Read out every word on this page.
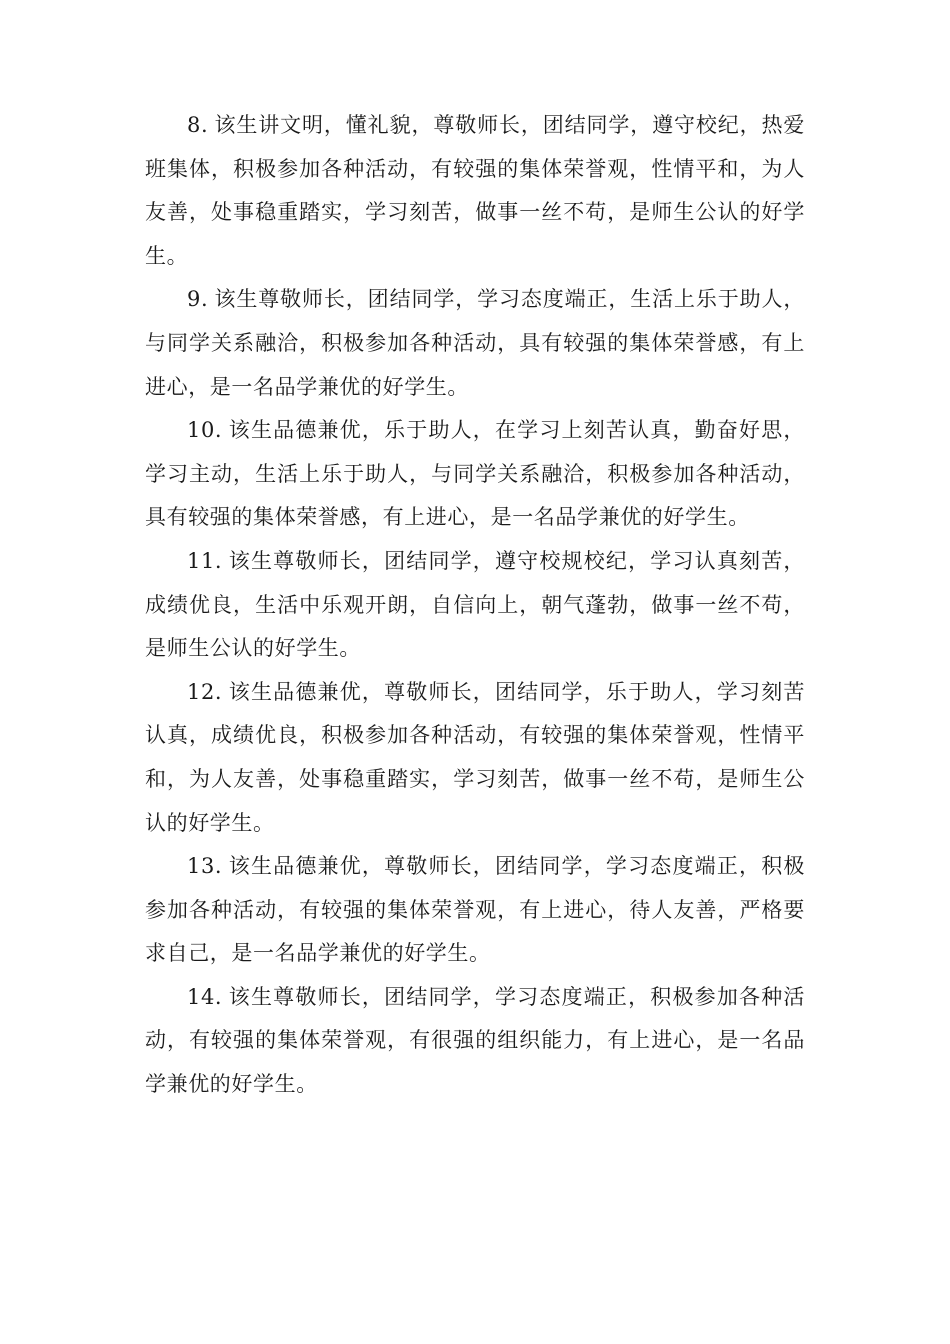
8. 该生讲文明，懂礼貌，尊敬师长，团结同学，遵守校纪，热爱班集体，积极参加各种活动，有较强的集体荣誉观，性情平和，为人友善，处事稳重踏实，学习刻苦，做事一丝不苟，是师生公认的好学生。

9. 该生尊敬师长，团结同学，学习态度端正，生活上乐于助人，与同学关系融洽，积极参加各种活动，具有较强的集体荣誉感，有上进心，是一名品学兼优的好学生。

10. 该生品德兼优，乐于助人，在学习上刻苦认真，勤奋好思，学习主动，生活上乐于助人，与同学关系融洽，积极参加各种活动，具有较强的集体荣誉感，有上进心，是一名品学兼优的好学生。

11. 该生尊敬师长，团结同学，遵守校规校纪，学习认真刻苦，成绩优良，生活中乐观开朗，自信向上，朝气蓬勃，做事一丝不苟，是师生公认的好学生。

12. 该生品德兼优，尊敬师长，团结同学，乐于助人，学习刻苦认真，成绩优良，积极参加各种活动，有较强的集体荣誉观，性情平和，为人友善，处事稳重踏实，学习刻苦，做事一丝不苟，是师生公认的好学生。

13. 该生品德兼优，尊敬师长，团结同学，学习态度端正，积极参加各种活动，有较强的集体荣誉观，有上进心，待人友善，严格要求自己，是一名品学兼优的好学生。

14. 该生尊敬师长，团结同学，学习态度端正，积极参加各种活动，有较强的集体荣誉观，有很强的组织能力，有上进心，是一名品学兼优的好学生。
